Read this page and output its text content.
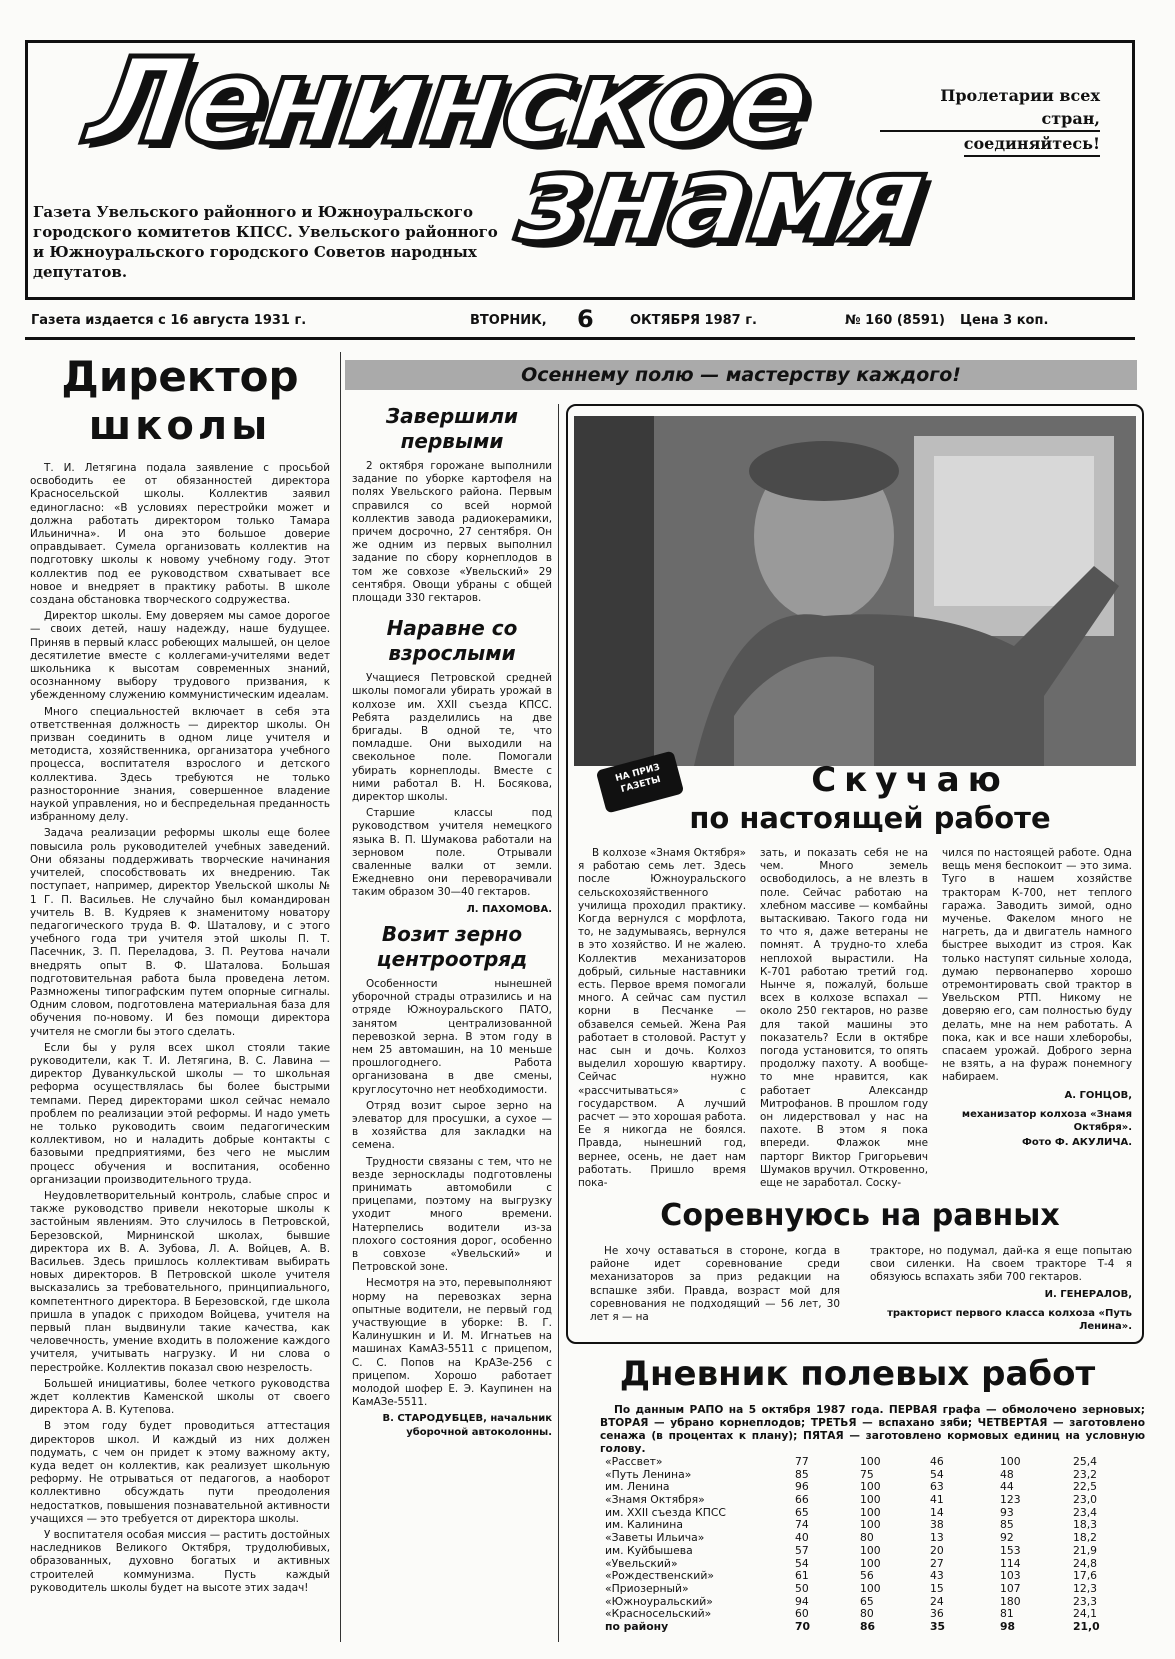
Ленинское
знамя
Пролетарии всех стран,
соединяйтесь!
Газета Увельского районного и Южноуральского городского комитетов КПСС. Увельского районного и Южноуральского городского Советов народных депутатов.
Газета издается с 16 августа 1931 г.	ВТОРНИК, 6	ОКТЯБРЯ 1987 г.	№ 160 (8591) Цена 3 коп.
Директор
школы

Т. И. Летягина подала заявление с просьбой освободить ее от обязанностей директора Красносельской школы. Коллектив заявил единогласно: «В условиях перестройки может и должна работать директором только Тамара Ильинична». И она это большое доверие оправдывает. Сумела организовать коллектив на подготовку школы к новому учебному году. Этот коллектив под ее руководством схватывает все новое и внедряет в практику работы. В школе создана обстановка творческого содружества.

Директор школы. Ему доверяем мы самое дорогое — своих детей, нашу надежду, наше будущее. Приняв в первый класс робеющих малышей, он целое десятилетие вместе с коллегами-учителями ведет школьника к высотам современных знаний, осознанному выбору трудового призвания, к убежденному служению коммунистическим идеалам.

Много специальностей включает в себя эта ответственная должность — директор школы. Он призван соединить в одном лице учителя и методиста, хозяйственника, организатора учебного процесса, воспитателя взрослого и детского коллектива. Здесь требуются не только разносторонние знания, совершенное владение наукой управления, но и беспредельная преданность избранному делу.

Задача реализации реформы школы еще более повысила роль руководителей учебных заведений. Они обязаны поддерживать творческие начинания учителей, способствовать их внедрению. Так поступает, например, директор Увельской школы № 1 Г. П. Васильев. Не случайно был командирован учитель В. В. Кудряев к знаменитому новатору педагогического труда В. Ф. Шаталову, и с этого учебного года три учителя этой школы П. Т. Пасечник, З. П. Переладова, З. П. Реутова начали внедрять опыт В. Ф. Шаталова. Большая подготовительная работа была проведена летом. Размножены типографским путем опорные сигналы. Одним словом, подготовлена материальная база для обучения по-новому. И без помощи директора учителя не смогли бы этого сделать.

Если бы у руля всех школ стояли такие руководители, как Т. И. Летягина, В. С. Лавина — директор Дуванкульской школы — то школьная реформа осуществлялась бы более быстрыми темпами. Перед директорами школ сейчас немало проблем по реализации этой реформы. И надо уметь не только руководить своим педагогическим коллективом, но и наладить добрые контакты с базовыми предприятиями, без чего не мыслим процесс обучения и воспитания, особенно организации производительного труда.

Неудовлетворительный контроль, слабые спрос и также руководство привели некоторые школы к застойным явлениям. Это случилось в Петровской, Березовской, Мирнинской школах, бывшие директора их В. А. Зубова, Л. А. Войцев, А. В. Васильев. Здесь пришлось коллективам выбирать новых директоров. В Петровской школе учителя высказались за требовательного, принципиального, компетентного директора. В Березовской, где школа пришла в упадок с приходом Войцева, учителя на первый план выдвинули такие качества, как человечность, умение входить в положение каждого учителя, учитывать нагрузку. И ни слова о перестройке. Коллектив показал свою незрелость.

Большей инициативы, более четкого руководства ждет коллектив Каменской школы от своего директора А. В. Кутепова.

В этом году будет проводиться аттестация директоров школ. И каждый из них должен подумать, с чем он придет к этому важному акту, куда ведет он коллектив, как реализует школьную реформу. Не отрываться от педагогов, а наоборот коллективно обсуждать пути преодоления недостатков, повышения познавательной активности учащихся — это требуется от директора школы.

У воспитателя особая миссия — растить достойных наследников Великого Октября, трудолюбивых, образованных, духовно богатых и активных строителей коммунизма. Пусть каждый руководитель школы будет на высоте этих задач!

Осеннему полю — мастерству каждого!
Завершили первыми

2 октября горожане выполнили задание по уборке картофеля на полях Увельского района. Первым справился со всей нормой коллектив завода радиокерамики, причем досрочно, 27 сентября. Он же одним из первых выполнил задание по сбору корнеплодов в том же совхозе «Увельский» 29 сентября. Овощи убраны с общей площади 330 гектаров.

Наравне со взрослыми

Учащиеся Петровской средней школы помогали убирать урожай в колхозе им. XXII съезда КПСС. Ребята разделились на две бригады. В одной те, что помладше. Они выходили на свекольное поле. Помогали убирать корнеплоды. Вместе с ними работал В. Н. Босякова, директор школы.

Старшие классы под руководством учителя немецкого языка В. П. Шумакова работали на зерновом поле. Отрывали сваленные валки от земли. Ежедневно они переворачивали таким образом 30—40 гектаров.

Л. ПАХОМОВА.
Возит зерно центроотряд

Особенности нынешней уборочной страды отразились и на отряде Южноуральского ПАТО, занятом централизованной перевозкой зерна. В этом году в нем 25 автомашин, на 10 меньше прошлогоднего. Работа организована в две смены, круглосуточно нет необходимости.

Отряд возит сырое зерно на элеватор для просушки, а сухое — в хозяйства для закладки на семена.

Трудности связаны с тем, что не везде зерносклады подготовлены принимать автомобили с прицепами, поэтому на выгрузку уходит много времени. Натерпелись водители из-за плохого состояния дорог, особенно в совхозе «Увельский» и Петровской зоне.

Несмотря на это, перевыполняют норму на перевозках зерна опытные водители, не первый год участвующие в уборке: В. Г. Калинушкин и И. М. Игнатьев на машинах КамАЗ-5511 с прицепом, С. С. Попов на КрАЗе-256 с прицепом. Хорошо работает молодой шофер Е. Э. Каупинен на КамАЗе-5511.

В. СТАРОДУБЦЕВ, начальник уборочной автоколонны.
НА ПРИЗ ГАЗЕТЫ	Скучаю
по настоящей работе

В колхозе «Знамя Октября» я работаю семь лет. Здесь после Южноуральского сельскохозяйственного училища проходил практику. Когда вернулся с морфлота, то, не задумываясь, вернулся в это хозяйство. И не жалею. Коллектив механизаторов добрый, сильные наставники есть. Первое время помогали много. А сейчас сам пустил корни в Песчанке — обзавелся семьей. Жена Рая работает в столовой. Растут у нас сын и дочь. Колхоз выделил хорошую квартиру. Сейчас нужно «рассчитываться» с государством. А лучший расчет — это хорошая работа. Ее я никогда не боялся. Правда, нынешний год, вернее, осень, не дает нам работать. Пришло время пока-

зать, и показать себя не на чем. Много земель освободилось, а не влезть в поле. Сейчас работаю на хлебном массиве — комбайны вытаскиваю. Такого года ни то что я, даже ветераны не помнят. А трудно-то хлеба неплохой вырастили. На К-701 работаю третий год. Нынче я, пожалуй, больше всех в колхозе вспахал — около 250 гектаров, но разве для такой машины это показатель? Если в октябре погода установится, то опять продолжу пахоту. А вообще-то мне нравится, как работает Александр Митрофанов. В прошлом году он лидерствовал у нас на пахоте. В этом я пока впереди. Флажок мне парторг Виктор Григорьевич Шумаков вручил. Откровенно, еще не заработал. Соску-

чился по настоящей работе. Одна вещь меня беспокоит — это зима. Туго в нашем хозяйстве тракторам К-700, нет теплого гаража. Заводить зимой, одно мученье. Факелом много не нагреть, да и двигатель намного быстрее выходит из строя. Как только наступят сильные холода, думаю первонаперво хорошо отремонтировать свой трактор в Увельском РТП. Никому не доверяю его, сам полностью буду делать, мне на нем работать. А пока, как и все наши хлеборобы, спасаем урожай. Доброго зерна не взять, а на фураж понемногу набираем.

А. ГОНЦОВ,
механизатор колхоза «Знамя Октября».
Фото Ф. АКУЛИЧА.
Соревнуюсь на равных

Не хочу оставаться в стороне, когда в районе идет соревнование среди механизаторов за приз редакции на вспашке зяби. Правда, возраст мой для соревнования не подходящий — 56 лет, 30 лет я — на

тракторе, но подумал, дай-ка я еще попытаю свои силенки. На своем тракторе Т-4 я обязуюсь вспахать зяби 700 гектаров.

И. ГЕНЕРАЛОВ,
тракторист первого класса колхоза «Путь Ленина».
Дневник полевых работ

По данным РАПО на 5 октября 1987 года. ПЕРВАЯ графа — обмолочено зерновых; ВТОРАЯ — убрано корнеплодов; ТРЕТЬЯ — вспахано зяби; ЧЕТВЕРТАЯ — заготовлено сенажа (в процентах к плану); ПЯТАЯ — заготовлено кормовых единиц на условную голову.

«Рассвет»	77	100	46	100	25,4
«Путь Ленина»	85	75	54	48	23,2
им. Ленина	96	100	63	44	22,5
«Знамя Октября»	66	100	41	123	23,0
им. XXII съезда КПСС	65	100	14	93	23,4
им. Калинина	74	100	38	85	18,3
«Заветы Ильича»	40	80	13	92	18,2
им. Куйбышева	57	100	20	153	21,9
«Увельский»	54	100	27	114	24,8
«Рождественский»	61	56	43	103	17,6
«Приозерный»	50	100	15	107	12,3
«Южноуральский»	94	65	24	180	23,3
«Красносельский»	60	80	36	81	24,1
по району	70	86	35	98	21,0
